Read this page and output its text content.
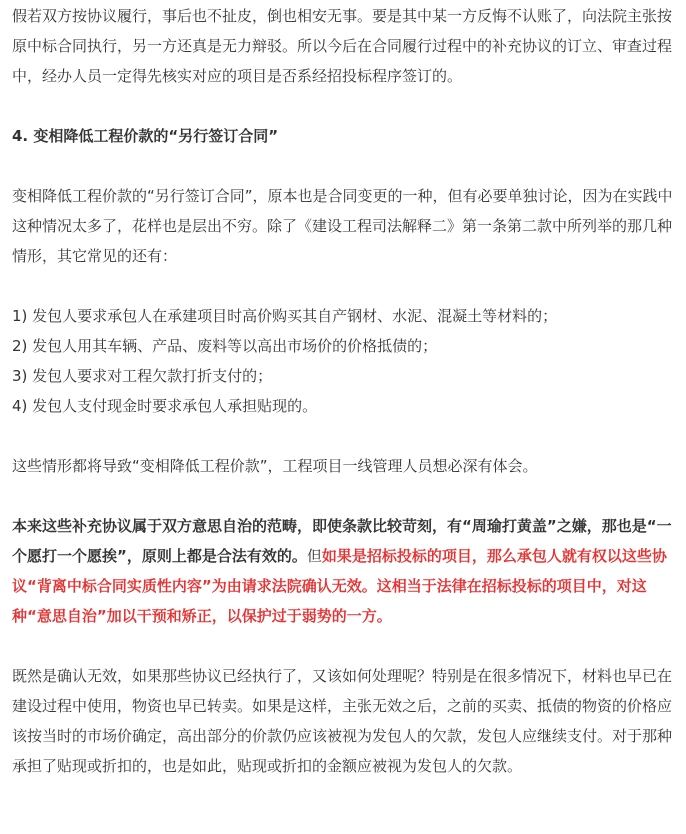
假若双方按协议履行，事后也不扯皮，倒也相安无事。要是其中某一方反悔不认账了，向法院主张按原中标合同执行，另一方还真是无力辩驳。所以今后在合同履行过程中的补充协议的订立、审查过程中，经办人员一定得先核实对应的项目是否系经招投标程序签订的。

4. 变相降低工程价款的“另行签订合同”

变相降低工程价款的“另行签订合同”，原本也是合同变更的一种，但有必要单独讨论，因为在实践中这种情况太多了，花样也是层出不穷。除了《建设工程司法解释二》第一条第二款中所列举的那几种情形，其它常见的还有：

1) 发包人要求承包人在承建项目时高价购买其自产钢材、水泥、混凝土等材料的；

2) 发包人用其车辆、产品、废料等以高出市场价的价格抵债的；

3) 发包人要求对工程欠款打折支付的；

4) 发包人支付现金时要求承包人承担贴现的。

这些情形都将导致“变相降低工程价款”，工程项目一线管理人员想必深有体会。

本来这些补充协议属于双方意思自治的范畴，即使条款比较苛刻，有“周瑜打黄盖”之嫌，那也是“一个愿打一个愿挨”，原则上都是合法有效的。但如果是招标投标的项目，那么承包人就有权以这些协议“背离中标合同实质性内容”为由请求法院确认无效。这相当于法律在招标投标的项目中，对这种“意思自治”加以干预和矫正，以保护过于弱势的一方。

既然是确认无效，如果那些协议已经执行了，又该如何处理呢？特别是在很多情况下，材料也早已在建设过程中使用，物资也早已转卖。如果是这样，主张无效之后，之前的买卖、抵债的物资的价格应该按当时的市场价确定，高出部分的价款仍应该被视为发包人的欠款，发包人应继续支付。对于那种承担了贴现或折扣的，也是如此，贴现或折扣的金额应被视为发包人的欠款。
